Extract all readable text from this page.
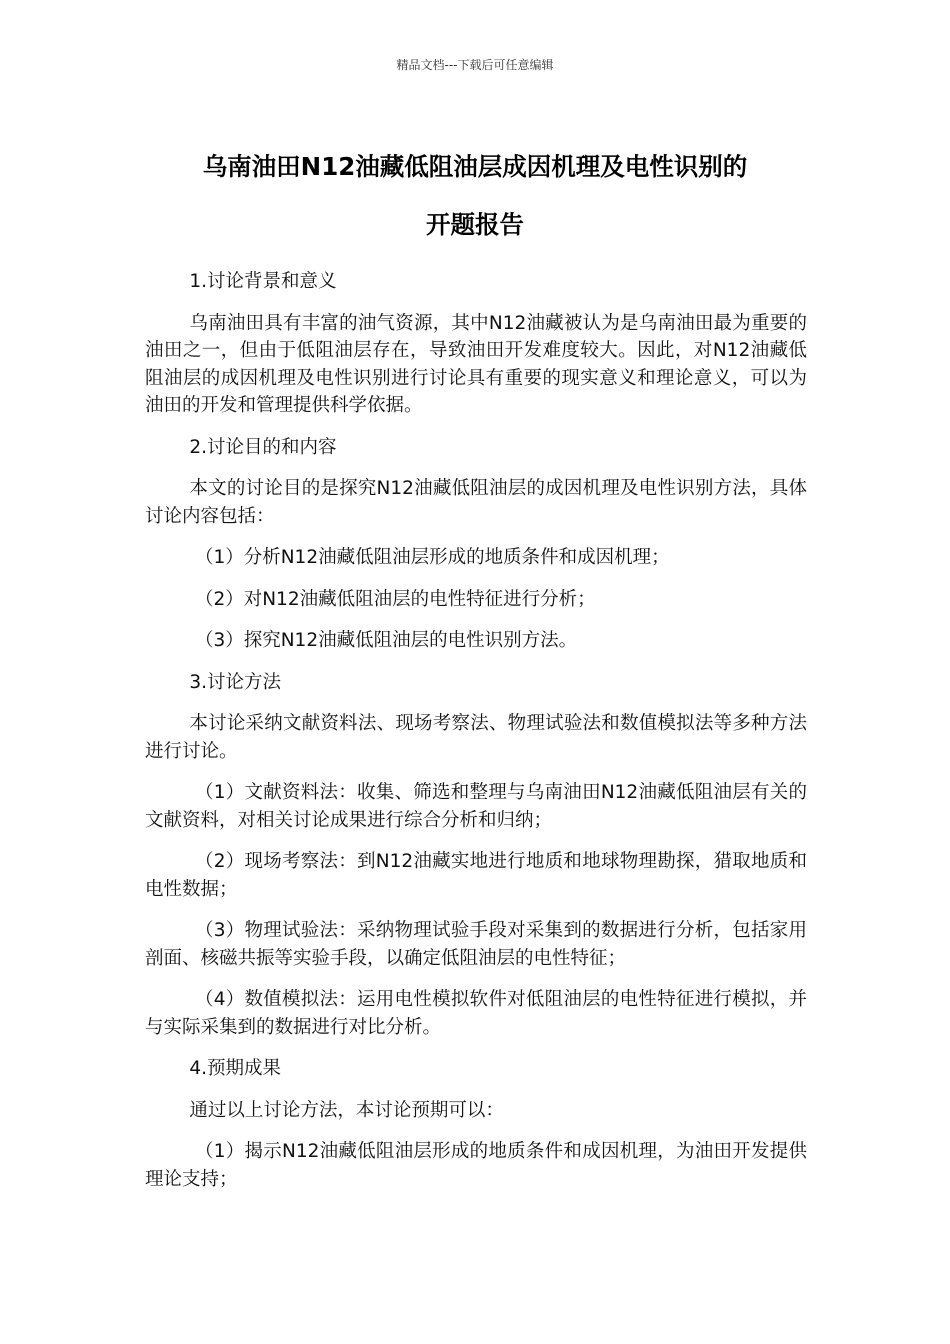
精品文档---下载后可任意编辑
乌南油田N12油藏低阻油层成因机理及电性识别的
开题报告

1.讨论背景和意义

乌南油田具有丰富的油气资源，其中N12油藏被认为是乌南油田最为重要的油田之一，但由于低阻油层存在，导致油田开发难度较大。因此，对N12油藏低阻油层的成因机理及电性识别进行讨论具有重要的现实意义和理论意义，可以为油田的开发和管理提供科学依据。

2.讨论目的和内容

本文的讨论目的是探究N12油藏低阻油层的成因机理及电性识别方法，具体讨论内容包括：

（1）分析N12油藏低阻油层形成的地质条件和成因机理；

（2）对N12油藏低阻油层的电性特征进行分析；

（3）探究N12油藏低阻油层的电性识别方法。

3.讨论方法

本讨论采纳文献资料法、现场考察法、物理试验法和数值模拟法等多种方法进行讨论。

（1）文献资料法：收集、筛选和整理与乌南油田N12油藏低阻油层有关的文献资料，对相关讨论成果进行综合分析和归纳；

（2）现场考察法：到N12油藏实地进行地质和地球物理勘探，猎取地质和电性数据；

（3）物理试验法：采纳物理试验手段对采集到的数据进行分析，包括家用剖面、核磁共振等实验手段，以确定低阻油层的电性特征；

（4）数值模拟法：运用电性模拟软件对低阻油层的电性特征进行模拟，并与实际采集到的数据进行对比分析。

4.预期成果

通过以上讨论方法，本讨论预期可以：

（1）揭示N12油藏低阻油层形成的地质条件和成因机理，为油田开发提供理论支持；
